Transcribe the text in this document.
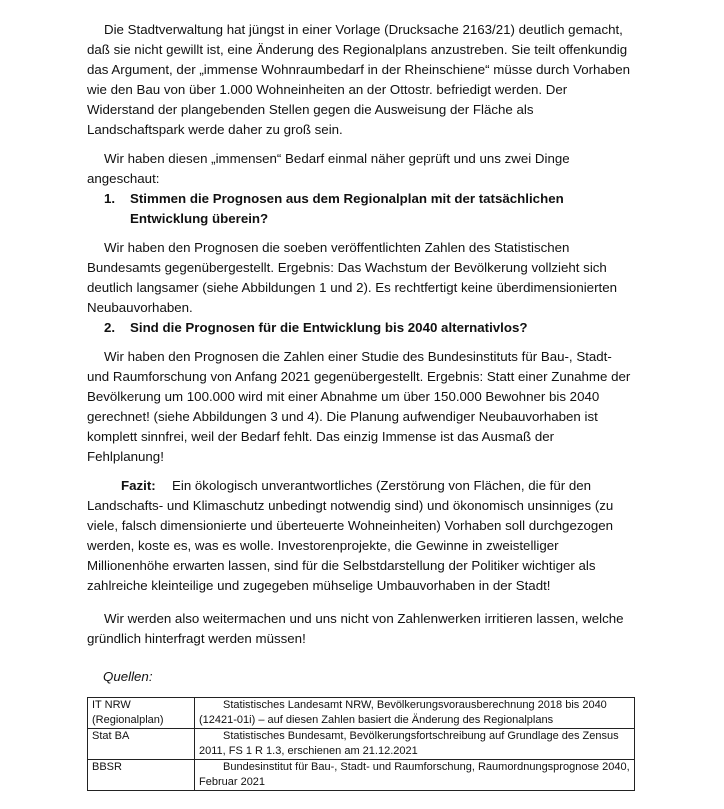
Die Stadtverwaltung hat jüngst in einer Vorlage (Drucksache 2163/21) deutlich gemacht, daß sie nicht gewillt ist, eine Änderung des Regionalplans anzustreben. Sie teilt offenkundig das Argument, der „immense Wohnraumbedarf in der Rheinschiene“ müsse durch Vorhaben wie den Bau von über 1.000 Wohneinheiten an der Ottostr. befriedigt werden. Der Widerstand der plangebenden Stellen gegen die Ausweisung der Fläche als Landschaftspark werde daher zu groß sein.

Wir haben diesen „immensen“ Bedarf einmal näher geprüft und uns zwei Dinge angeschaut:

1.	Stimmen die Prognosen aus dem Regionalplan mit der tatsächlichen Entwicklung überein?

Wir haben den Prognosen die soeben veröffentlichten Zahlen des Statistischen Bundesamts gegenübergestellt. Ergebnis: Das Wachstum der Bevölkerung vollzieht sich deutlich langsamer (siehe Abbildungen 1 und 2). Es rechtfertigt keine überdimensionierten Neubauvorhaben.

2.	Sind die Prognosen für die Entwicklung bis 2040 alternativlos?

Wir haben den Prognosen die Zahlen einer Studie des Bundesinstituts für Bau-, Stadt- und Raumforschung von Anfang 2021 gegenübergestellt. Ergebnis: Statt einer Zunahme der Bevölkerung um 100.000 wird mit einer Abnahme um über 150.000 Bewohner bis 2040 gerechnet! (siehe Abbildungen 3 und 4). Die Planung aufwendiger Neubauvorhaben ist komplett sinnfrei, weil der Bedarf fehlt. Das einzig Immense ist das Ausmaß der Fehlplanung!

Fazit: Ein ökologisch unverantwortliches (Zerstörung von Flächen, die für den Landschafts- und Klimaschutz unbedingt notwendig sind) und ökonomisch unsinniges (zu viele, falsch dimensionierte und überteuerte Wohneinheiten) Vorhaben soll durchgezogen werden, koste es, was es wolle. Investorenprojekte, die Gewinne in zweistelliger Millionenhöhe erwarten lassen, sind für die Selbstdarstellung der Politiker wichtiger als zahlreiche kleinteilige und zugegeben mühselige Umbauvorhaben in der Stadt!

Wir werden also weitermachen und uns nicht von Zahlenwerken irritieren lassen, welche gründlich hinterfragt werden müssen!

Quellen:
IT NRW (Regionalplan)	Statistisches Landesamt NRW, Bevölkerungsvorausberechnung 2018 bis 2040 (12421-01i) – auf diesen Zahlen basiert die Änderung des Regionalplans
Stat BA	Statistisches Bundesamt, Bevölkerungsfortschreibung auf Grundlage des Zensus 2011, FS 1 R 1.3, erschienen am 21.12.2021
BBSR	Bundesinstitut für Bau-, Stadt- und Raumforschung, Raumordnungsprognose 2040, Februar 2021
